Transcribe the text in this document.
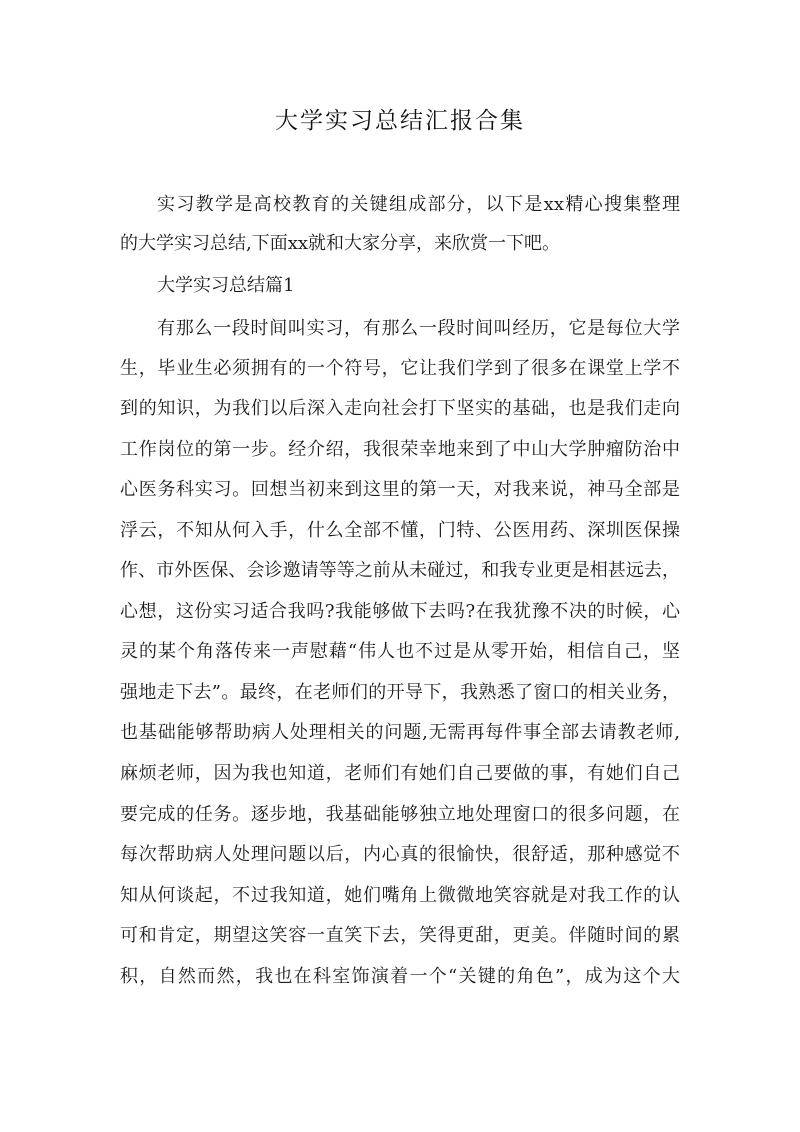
大学实习总结汇报合集
实习教学是高校教育的关键组成部分，以下是xx精心搜集整理
的大学实习总结,下面xx就和大家分享，来欣赏一下吧。
大学实习总结篇1
有那么一段时间叫实习，有那么一段时间叫经历，它是每位大学
生，毕业生必须拥有的一个符号，它让我们学到了很多在课堂上学不
到的知识，为我们以后深入走向社会打下坚实的基础，也是我们走向
工作岗位的第一步。经介绍，我很荣幸地来到了中山大学肿瘤防治中
心医务科实习。回想当初来到这里的第一天，对我来说，神马全部是
浮云，不知从何入手，什么全部不懂，门特、公医用药、深圳医保操
作、市外医保、会诊邀请等等之前从未碰过，和我专业更是相甚远去，
心想，这份实习适合我吗?我能够做下去吗?在我犹豫不决的时候，心
灵的某个角落传来一声慰藉“伟人也不过是从零开始，相信自己，坚
强地走下去”。最终，在老师们的开导下，我熟悉了窗口的相关业务，
也基础能够帮助病人处理相关的问题,无需再每件事全部去请教老师,
麻烦老师，因为我也知道，老师们有她们自己要做的事，有她们自己
要完成的任务。逐步地，我基础能够独立地处理窗口的很多问题，在
每次帮助病人处理问题以后，内心真的很愉快，很舒适，那种感觉不
知从何谈起，不过我知道，她们嘴角上微微地笑容就是对我工作的认
可和肯定，期望这笑容一直笑下去，笑得更甜，更美。伴随时间的累
积，自然而然，我也在科室饰演着一个“关键的角色”，成为这个大
